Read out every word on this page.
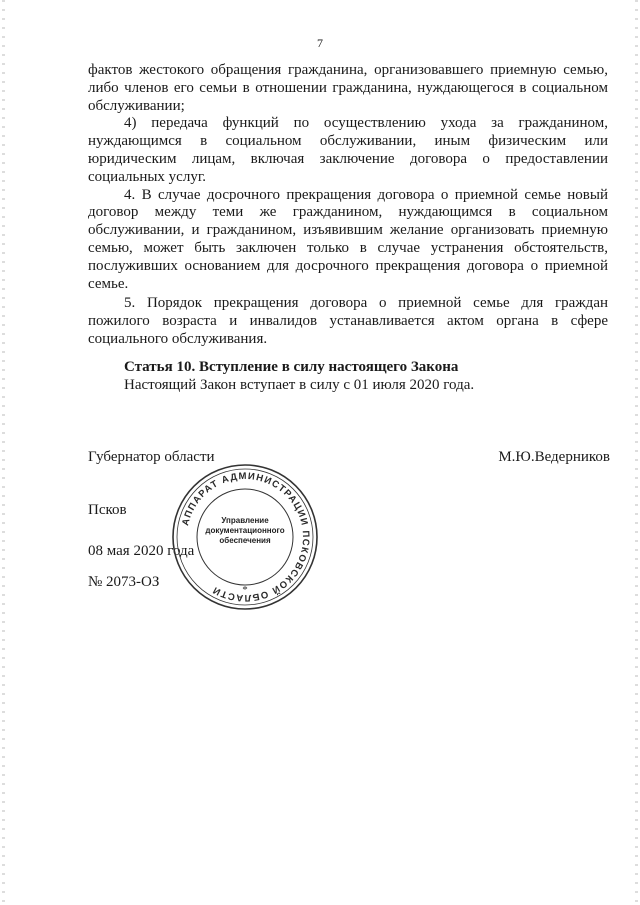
7

фактов жестокого обращения гражданина, организовавшего приемную семью, либо членов его семьи в отношении гражданина, нуждающегося в социальном обслуживании;

4) передача функций по осуществлению ухода за гражданином, нуждающимся в социальном обслуживании, иным физическим или юридическим лицам, включая заключение договора о предоставлении социальных услуг.

4. В случае досрочного прекращения договора о приемной семье новый договор между теми же гражданином, нуждающимся в социальном обслуживании, и гражданином, изъявившим желание организовать приемную семью, может быть заключен только в случае устранения обстоятельств, послуживших основанием для досрочного прекращения договора о приемной семье.

5. Порядок прекращения договора о приемной семье для граждан пожилого возраста и инвалидов устанавливается актом органа в сфере социального обслуживания.

Статья 10. Вступление в силу настоящего Закона
Настоящий Закон вступает в силу с 01 июля 2020 года.
Губернатор области	М.Ю.Ведерников
Псков
08 мая 2020 года
№ 2073-ОЗ
АППАРАТ АДМИНИСТРАЦИИ ПСКОВСКОЙ ОБЛАСТИ	*
Управление документационного обеспечения
